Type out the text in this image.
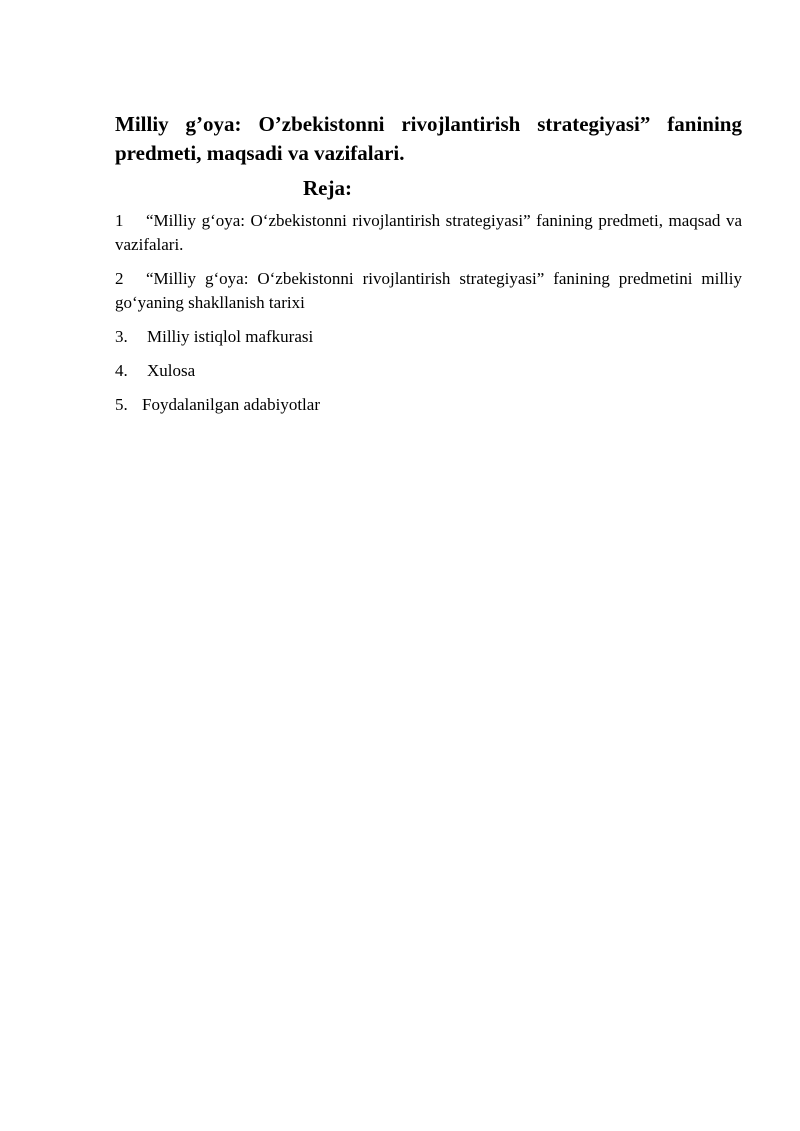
Milliy g’oya: O’zbekistonni rivojlantirish strategiyasi” fanining predmeti, maqsadi va vazifalari.

Reja:
1 “Milliy g‘oya: O‘zbekistonni rivojlantirish strategiyasi” fanining predmeti, maqsad va vazifalari.
2 “Milliy g‘oya: O‘zbekistonni rivojlantirish strategiyasi” fanining predmetini milliy go‘yaning shakllanish tarixi
3. Milliy istiqlol mafkurasi
4. Xulosa
5. Foydalanilgan adabiyotlar
